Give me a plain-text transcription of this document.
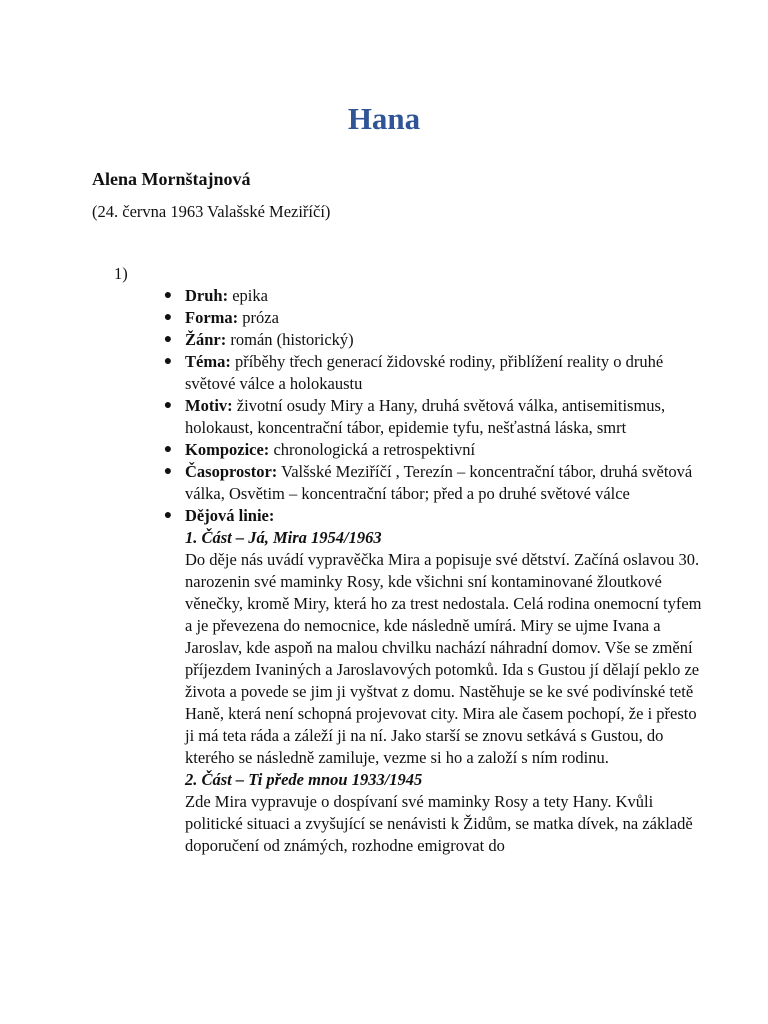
Hana
Alena Mornštajnová
(24. června 1963 Valašské Meziříčí)
1)
● Druh: epika
● Forma: próza
● Žánr: román (historický)
● Téma: příběhy třech generací židovské rodiny, přiblížení reality o druhé světové válce a holokaustu
● Motiv: životní osudy Miry a Hany, druhá světová válka, antisemitismus, holokaust, koncentrační tábor, epidemie tyfu, nešťastná láska, smrt
● Kompozice: chronologická a retrospektivní
● Časoprostor: Valšské Meziříčí , Terezín – koncentrační tábor, druhá světová válka, Osvětim – koncentrační tábor; před a po druhé světové válce
● Dějová linie:
1. Část – Já, Mira 1954/1963
Do děje nás uvádí vypravěčka Mira a popisuje své dětství. Začíná oslavou 30. narozenin své maminky Rosy, kde všichni sní kontaminované žloutkové věnečky, kromě Miry, která ho za trest nedostala. Celá rodina onemocní tyfem a je převezena do nemocnice, kde následně umírá. Miry se ujme Ivana a Jaroslav, kde aspoň na malou chvilku nachází náhradní domov. Vše se změní příjezdem Ivaniných a Jaroslavových potomků. Ida s Gustou jí dělají peklo ze života a povede se jim ji vyštvat z domu. Nastěhuje se ke své podivínské tetě Haně, která není schopná projevovat city. Mira ale časem pochopí, že i přesto ji má teta ráda a záleží ji na ní. Jako starší se znovu setkává s Gustou, do kterého se následně zamiluje, vezme si ho a založí s ním rodinu.
2. Část – Ti přede mnou 1933/1945
Zde Mira vypravuje o dospívaní své maminky Rosy a tety Hany. Kvůli politické situaci a zvyšující se nenávisti k Židům, se matka dívek, na základě doporučení od známých, rozhodne emigrovat do
